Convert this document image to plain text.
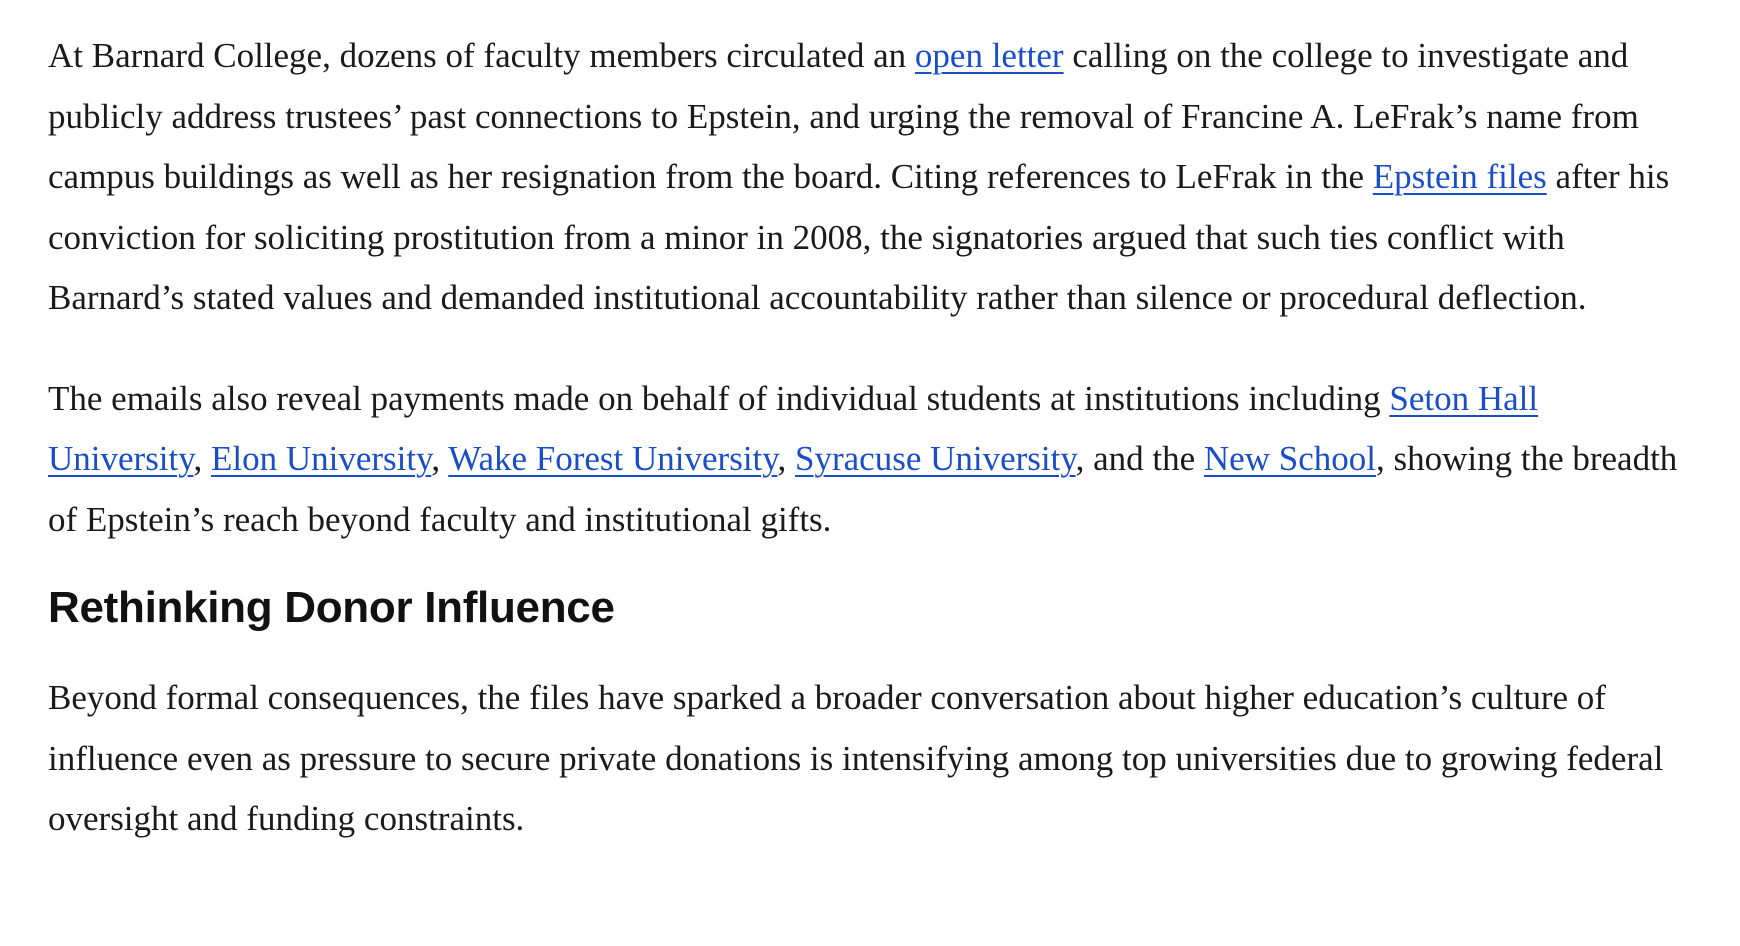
At Barnard College, dozens of faculty members circulated an open letter calling on the college to investigate and publicly address trustees’ past connections to Epstein, and urging the removal of Francine A. LeFrak’s name from campus buildings as well as her resignation from the board. Citing references to LeFrak in the Epstein files after his conviction for soliciting prostitution from a minor in 2008, the signatories argued that such ties conflict with Barnard’s stated values and demanded institutional accountability rather than silence or procedural deflection.

The emails also reveal payments made on behalf of individual students at institutions including Seton Hall University, Elon University, Wake Forest University, Syracuse University, and the New School, showing the breadth of Epstein’s reach beyond faculty and institutional gifts.

Rethinking Donor Influence

Beyond formal consequences, the files have sparked a broader conversation about higher education’s culture of influence even as pressure to secure private donations is intensifying among top universities due to growing federal oversight and funding constraints.
